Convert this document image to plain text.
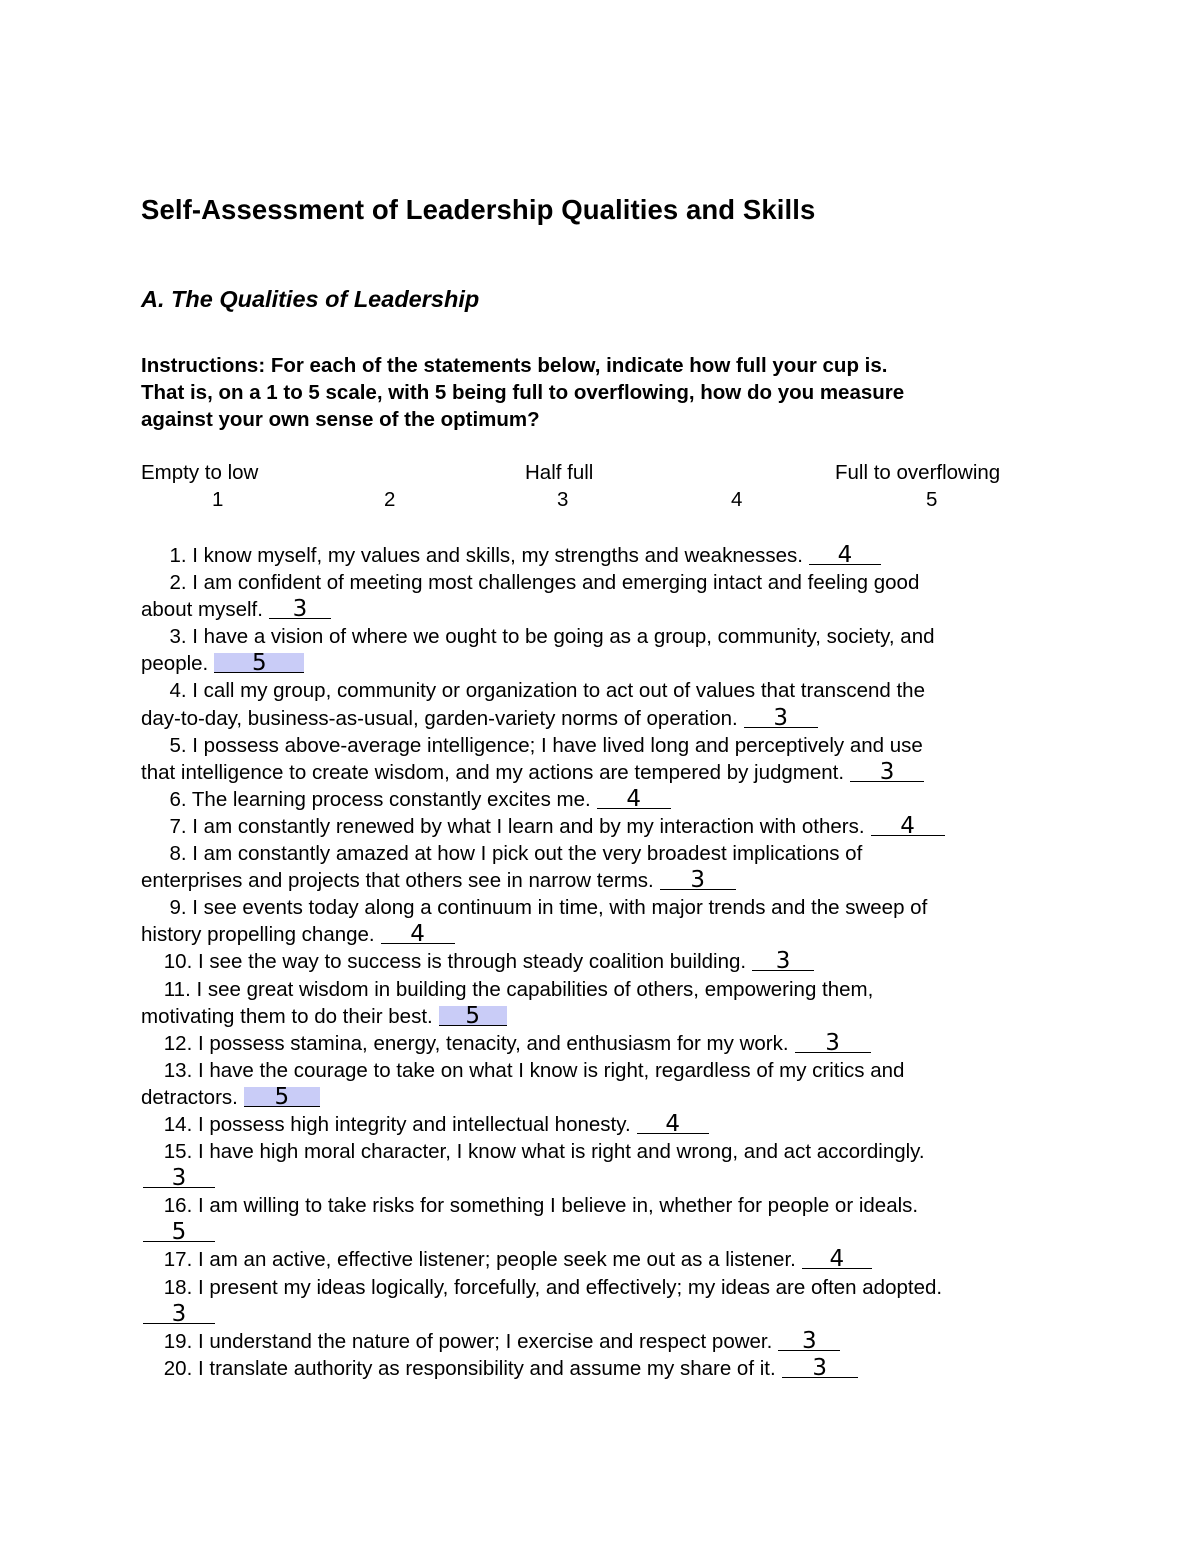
Self-Assessment of Leadership Qualities and Skills
A. The Qualities of Leadership

Instructions: For each of the statements below, indicate how full your cup is.
That is, on a 1 to 5 scale, with 5 being full to overflowing, how do you measure
against your own sense of the optimum?

Empty to low	Half full	Full to overflowing
1	2	3	4	5
1. I know myself, my values and skills, my strengths and weaknesses.	4
2. I am confident of meeting most challenges and emerging intact and feeling good
about myself.	3
3. I have a vision of where we ought to be going as a group, community, society, and
people.	5
4. I call my group, community or organization to act out of values that transcend the
day-to-day, business-as-usual, garden-variety norms of operation.	3
5. I possess above-average intelligence; I have lived long and perceptively and use
that intelligence to create wisdom, and my actions are tempered by judgment.	3
6. The learning process constantly excites me.	4
7. I am constantly renewed by what I learn and by my interaction with others.	4
8. I am constantly amazed at how I pick out the very broadest implications of
enterprises and projects that others see in narrow terms.	3
9. I see events today along a continuum in time, with major trends and the sweep of
history propelling change.	4
10. I see the way to success is through steady coalition building.	3
11. I see great wisdom in building the capabilities of others, empowering them,
motivating them to do their best.	5
12. I possess stamina, energy, tenacity, and enthusiasm for my work.	3
13. I have the courage to take on what I know is right, regardless of my critics and
detractors.	5
14. I possess high integrity and intellectual honesty.	4
15. I have high moral character, I know what is right and wrong, and act accordingly.
3
16. I am willing to take risks for something I believe in, whether for people or ideals.
5
17. I am an active, effective listener; people seek me out as a listener.	4
18. I present my ideas logically, forcefully, and effectively; my ideas are often adopted.
3
19. I understand the nature of power; I exercise and respect power.	3
20. I translate authority as responsibility and assume my share of it.	3
